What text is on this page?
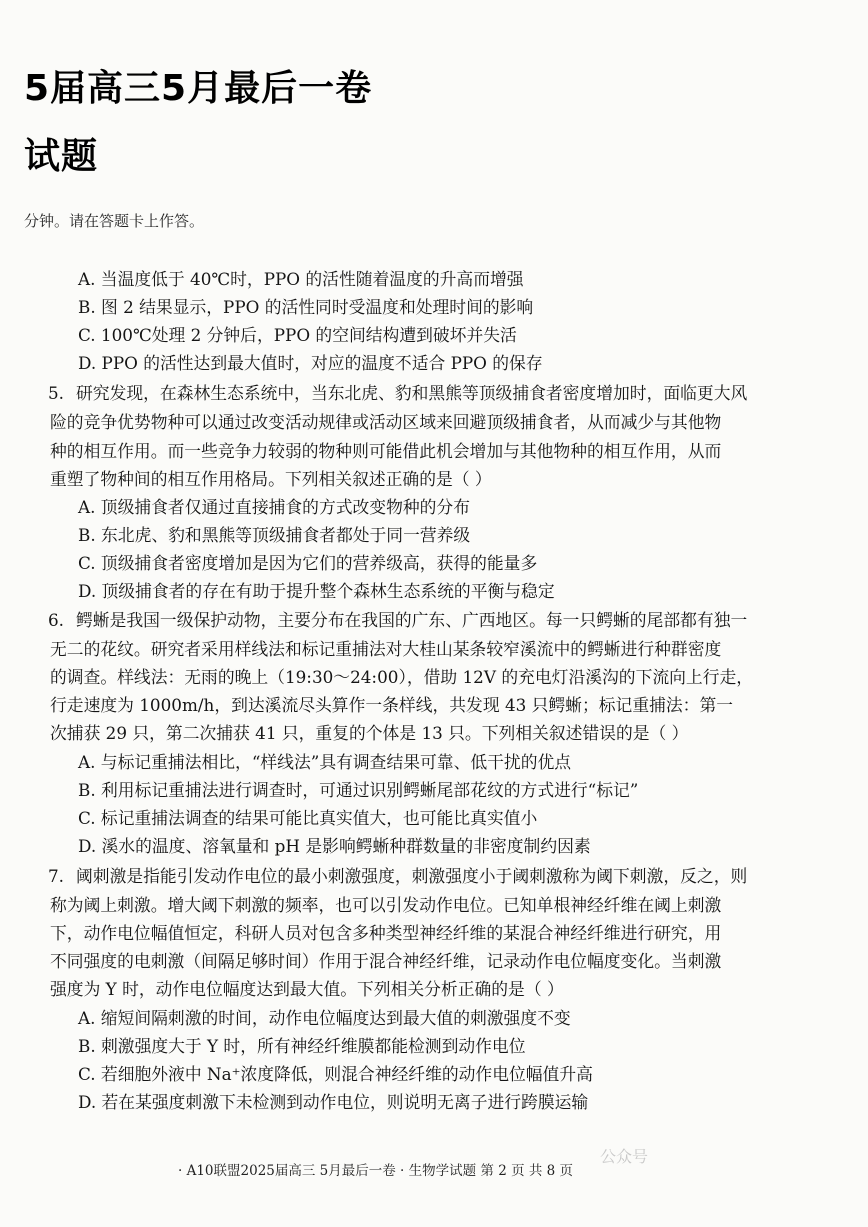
5届高三5月最后一卷
试题
分钟。请在答题卡上作答。
A. 当温度低于 40℃时，PPO 的活性随着温度的升高而增强
B. 图 2 结果显示，PPO 的活性同时受温度和处理时间的影响
C. 100℃处理 2 分钟后，PPO 的空间结构遭到破坏并失活
D. PPO 的活性达到最大值时，对应的温度不适合 PPO 的保存
5. 研究发现，在森林生态系统中，当东北虎、豹和黑熊等顶级捕食者密度增加时，面临更大风
险的竞争优势物种可以通过改变活动规律或活动区域来回避顶级捕食者，从而减少与其他物
种的相互作用。而一些竞争力较弱的物种则可能借此机会增加与其他物种的相互作用，从而
重塑了物种间的相互作用格局。下列相关叙述正确的是（ ）
A. 顶级捕食者仅通过直接捕食的方式改变物种的分布
B. 东北虎、豹和黑熊等顶级捕食者都处于同一营养级
C. 顶级捕食者密度增加是因为它们的营养级高，获得的能量多
D. 顶级捕食者的存在有助于提升整个森林生态系统的平衡与稳定
6. 鳄蜥是我国一级保护动物，主要分布在我国的广东、广西地区。每一只鳄蜥的尾部都有独一
无二的花纹。研究者采用样线法和标记重捕法对大桂山某条较窄溪流中的鳄蜥进行种群密度
的调查。样线法：无雨的晚上（19:30～24:00），借助 12V 的充电灯沿溪沟的下流向上行走，
行走速度为 1000m/h，到达溪流尽头算作一条样线，共发现 43 只鳄蜥；标记重捕法：第一
次捕获 29 只，第二次捕获 41 只，重复的个体是 13 只。下列相关叙述错误的是（ ）
A. 与标记重捕法相比，“样线法”具有调查结果可靠、低干扰的优点
B. 利用标记重捕法进行调查时，可通过识别鳄蜥尾部花纹的方式进行“标记”
C. 标记重捕法调查的结果可能比真实值大，也可能比真实值小
D. 溪水的温度、溶氧量和 pH 是影响鳄蜥种群数量的非密度制约因素
7. 阈刺激是指能引发动作电位的最小刺激强度，刺激强度小于阈刺激称为阈下刺激，反之，则
称为阈上刺激。增大阈下刺激的频率，也可以引发动作电位。已知单根神经纤维在阈上刺激
下，动作电位幅值恒定，科研人员对包含多种类型神经纤维的某混合神经纤维进行研究，用
不同强度的电刺激（间隔足够时间）作用于混合神经纤维，记录动作电位幅度变化。当刺激
强度为 Y 时，动作电位幅度达到最大值。下列相关分析正确的是（ ）
A. 缩短间隔刺激的时间，动作电位幅度达到最大值的刺激强度不变
B. 刺激强度大于 Y 时，所有神经纤维膜都能检测到动作电位
C. 若细胞外液中 Na⁺浓度降低，则混合神经纤维的动作电位幅值升高
D. 若在某强度刺激下未检测到动作电位，则说明无离子进行跨膜运输
公众号
· A10联盟2025届高三 5月最后一卷 · 生物学试题 第 2 页 共 8 页
